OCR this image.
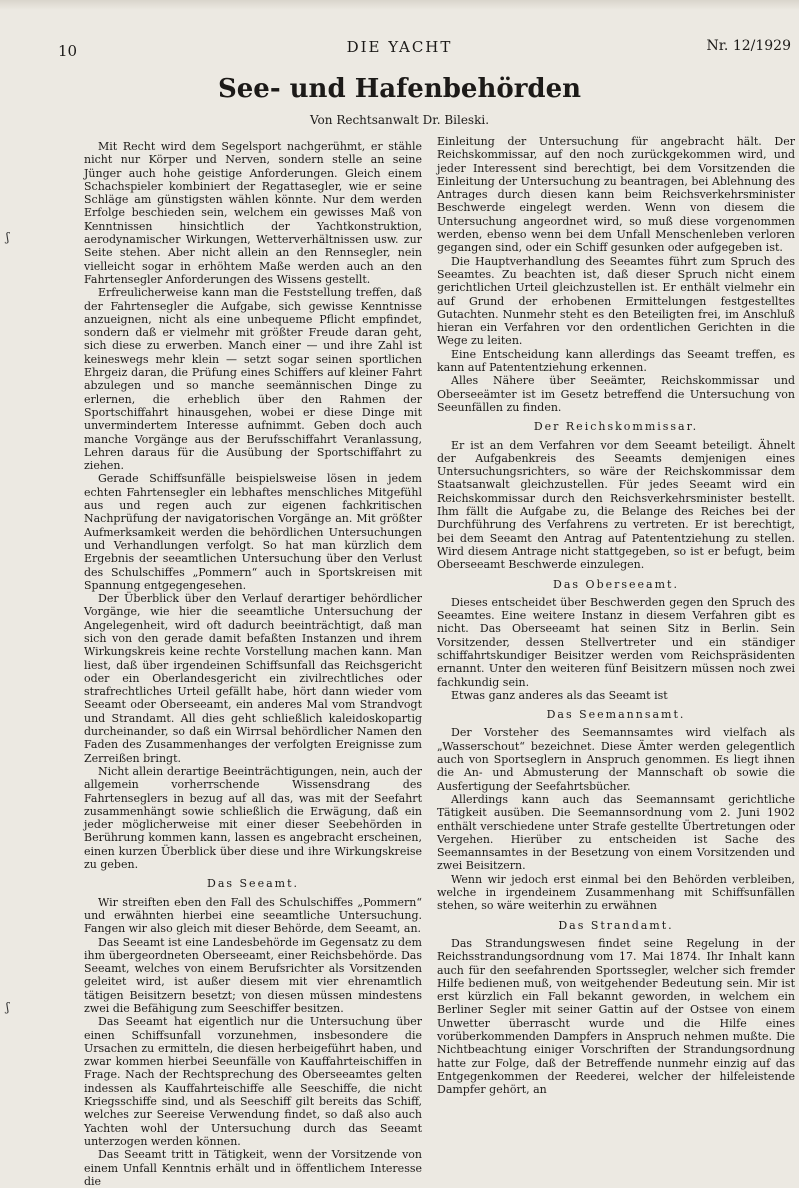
10	DIE YACHT	Nr. 12/1929
See- und Hafenbehörden
Von Rechtsanwalt Dr. Bileski.

Mit Recht wird dem Segelsport nachgerühmt, er stähle nicht nur Körper und Nerven, sondern stelle an seine Jünger auch hohe geistige Anforderungen. Gleich einem Schachspieler kombiniert der Regattasegler, wie er seine Schläge am günstigsten wählen könnte. Nur dem werden Erfolge beschieden sein, welchem ein gewisses Maß von Kenntnissen hinsichtlich der Yachtkonstruktion, aerodynamischer Wirkungen, Wetterverhältnissen usw. zur Seite stehen. Aber nicht allein an den Rennsegler, nein vielleicht sogar in erhöhtem Maße werden auch an den Fahrtensegler Anforderungen des Wissens gestellt.

Erfreulicherweise kann man die Feststellung treffen, daß der Fahrtensegler die Aufgabe, sich gewisse Kenntnisse anzueignen, nicht als eine unbequeme Pflicht empfindet, sondern daß er vielmehr mit größter Freude daran geht, sich diese zu erwerben. Manch einer — und ihre Zahl ist keineswegs mehr klein — setzt sogar seinen sportlichen Ehrgeiz daran, die Prüfung eines Schiffers auf kleiner Fahrt abzulegen und so manche seemännischen Dinge zu erlernen, die erheblich über den Rahmen der Sportschiffahrt hinausgehen, wobei er diese Dinge mit unvermindertem Interesse aufnimmt. Geben doch auch manche Vorgänge aus der Berufsschiffahrt Veranlassung, Lehren daraus für die Ausübung der Sportschiffahrt zu ziehen.

Gerade Schiffsunfälle beispielsweise lösen in jedem echten Fahrtensegler ein lebhaftes menschliches Mitgefühl aus und regen auch zur eigenen fachkritischen Nachprüfung der navigatorischen Vorgänge an. Mit größter Aufmerksamkeit werden die behördlichen Untersuchungen und Verhandlungen verfolgt. So hat man kürzlich dem Ergebnis der seeamtlichen Untersuchung über den Verlust des Schulschiffes „Pommern“ auch in Sportskreisen mit Spannung entgegengesehen.

Der Überblick über den Verlauf derartiger behördlicher Vorgänge, wie hier die seeamtliche Untersuchung der Angelegenheit, wird oft dadurch beeinträchtigt, daß man sich von den gerade damit befaßten Instanzen und ihrem Wirkungskreis keine rechte Vorstellung machen kann. Man liest, daß über irgendeinen Schiffsunfall das Reichsgericht oder ein Oberlandesgericht ein zivilrechtliches oder strafrechtliches Urteil gefällt habe, hört dann wieder vom Seeamt oder Oberseeamt, ein anderes Mal vom Strandvogt und Strandamt. All dies geht schließlich kaleidoskopartig durcheinander, so daß ein Wirrsal behördlicher Namen den Faden des Zusammenhanges der verfolgten Ereignisse zum Zerreißen bringt.

Nicht allein derartige Beeinträchtigungen, nein, auch der allgemein vorherrschende Wissensdrang des Fahrtenseglers in bezug auf all das, was mit der Seefahrt zusammenhängt sowie schließlich die Erwägung, daß ein jeder möglicherweise mit einer dieser Seebehörden in Berührung kommen kann, lassen es angebracht erscheinen, einen kurzen Überblick über diese und ihre Wirkungskreise zu geben.

Das Seeamt.

Wir streiften eben den Fall des Schulschiffes „Pommern“ und erwähnten hierbei eine seeamtliche Untersuchung. Fangen wir also gleich mit dieser Behörde, dem Seeamt, an.

Das Seeamt ist eine Landesbehörde im Gegensatz zu dem ihm übergeordneten Oberseeamt, einer Reichsbehörde. Das Seeamt, welches von einem Berufsrichter als Vorsitzenden geleitet wird, ist außer diesem mit vier ehrenamtlich tätigen Beisitzern besetzt; von diesen müssen mindestens zwei die Befähigung zum Seeschiffer besitzen.

Das Seeamt hat eigentlich nur die Untersuchung über einen Schiffsunfall vorzunehmen, insbesondere die Ursachen zu ermitteln, die diesen herbeigeführt haben, und zwar kommen hierbei Seeunfälle von Kauffahrteischiffen in Frage. Nach der Rechtsprechung des Oberseeamtes gelten indessen als Kauffahrteischiffe alle Seeschiffe, die nicht Kriegsschiffe sind, und als Seeschiff gilt bereits das Schiff, welches zur Seereise Verwendung findet, so daß also auch Yachten wohl der Untersuchung durch das Seeamt unterzogen werden können.

Das Seeamt tritt in Tätigkeit, wenn der Vorsitzende von einem Unfall Kenntnis erhält und in öffentlichem Interesse die

Einleitung der Untersuchung für angebracht hält. Der Reichskommissar, auf den noch zurückgekommen wird, und jeder Interessent sind berechtigt, bei dem Vorsitzenden die Einleitung der Untersuchung zu beantragen, bei Ablehnung des Antrages durch diesen kann beim Reichsverkehrsminister Beschwerde eingelegt werden. Wenn von diesem die Untersuchung angeordnet wird, so muß diese vorgenommen werden, ebenso wenn bei dem Unfall Menschenleben verloren gegangen sind, oder ein Schiff gesunken oder aufgegeben ist.

Die Hauptverhandlung des Seeamtes führt zum Spruch des Seeamtes. Zu beachten ist, daß dieser Spruch nicht einem gerichtlichen Urteil gleichzustellen ist. Er enthält vielmehr ein auf Grund der erhobenen Ermittelungen festgestelltes Gutachten. Nunmehr steht es den Beteiligten frei, im Anschluß hieran ein Verfahren vor den ordentlichen Gerichten in die Wege zu leiten.

Eine Entscheidung kann allerdings das Seeamt treffen, es kann auf Patententziehung erkennen.

Alles Nähere über Seeämter, Reichskommissar und Oberseeämter ist im Gesetz betreffend die Untersuchung von Seeunfällen zu finden.

Der Reichskommissar.

Er ist an dem Verfahren vor dem Seeamt beteiligt. Ähnelt der Aufgabenkreis des Seeamts demjenigen eines Untersuchungsrichters, so wäre der Reichskommissar dem Staatsanwalt gleichzustellen. Für jedes Seeamt wird ein Reichskommissar durch den Reichsverkehrsminister bestellt. Ihm fällt die Aufgabe zu, die Belange des Reiches bei der Durchführung des Verfahrens zu vertreten. Er ist berechtigt, bei dem Seeamt den Antrag auf Patententziehung zu stellen. Wird diesem Antrage nicht stattgegeben, so ist er befugt, beim Oberseeamt Beschwerde einzulegen.

Das Oberseeamt.

Dieses entscheidet über Beschwerden gegen den Spruch des Seeamtes. Eine weitere Instanz in diesem Verfahren gibt es nicht. Das Oberseeamt hat seinen Sitz in Berlin. Sein Vorsitzender, dessen Stellvertreter und ein ständiger schiffahrtskundiger Beisitzer werden vom Reichspräsidenten ernannt. Unter den weiteren fünf Beisitzern müssen noch zwei fachkundig sein.

Etwas ganz anderes als das Seeamt ist

Das Seemannsamt.

Der Vorsteher des Seemannsamtes wird vielfach als „Wasserschout“ bezeichnet. Diese Ämter werden gelegentlich auch von Sportseglern in Anspruch genommen. Es liegt ihnen die An- und Abmusterung der Mannschaft ob sowie die Ausfertigung der Seefahrtsbücher.

Allerdings kann auch das Seemannsamt gerichtliche Tätigkeit ausüben. Die Seemannsordnung vom 2. Juni 1902 enthält verschiedene unter Strafe gestellte Übertretungen oder Vergehen. Hierüber zu entscheiden ist Sache des Seemannsamtes in der Besetzung von einem Vorsitzenden und zwei Beisitzern.

Wenn wir jedoch erst einmal bei den Behörden verbleiben, welche in irgendeinem Zusammenhang mit Schiffsunfällen stehen, so wäre weiterhin zu erwähnen

Das Strandamt.

Das Strandungswesen findet seine Regelung in der Reichsstrandungsordnung vom 17. Mai 1874. Ihr Inhalt kann auch für den seefahrenden Sportssegler, welcher sich fremder Hilfe bedienen muß, von weitgehender Bedeutung sein. Mir ist erst kürzlich ein Fall bekannt geworden, in welchem ein Berliner Segler mit seiner Gattin auf der Ostsee von einem Unwetter überrascht wurde und die Hilfe eines vorüberkommenden Dampfers in Anspruch nehmen mußte. Die Nichtbeachtung einiger Vorschriften der Strandungsordnung hatte zur Folge, daß der Betreffende nunmehr einzig auf das Entgegenkommen der Reederei, welcher der hilfeleistende Dampfer gehört, an

ʃ
ʃ
